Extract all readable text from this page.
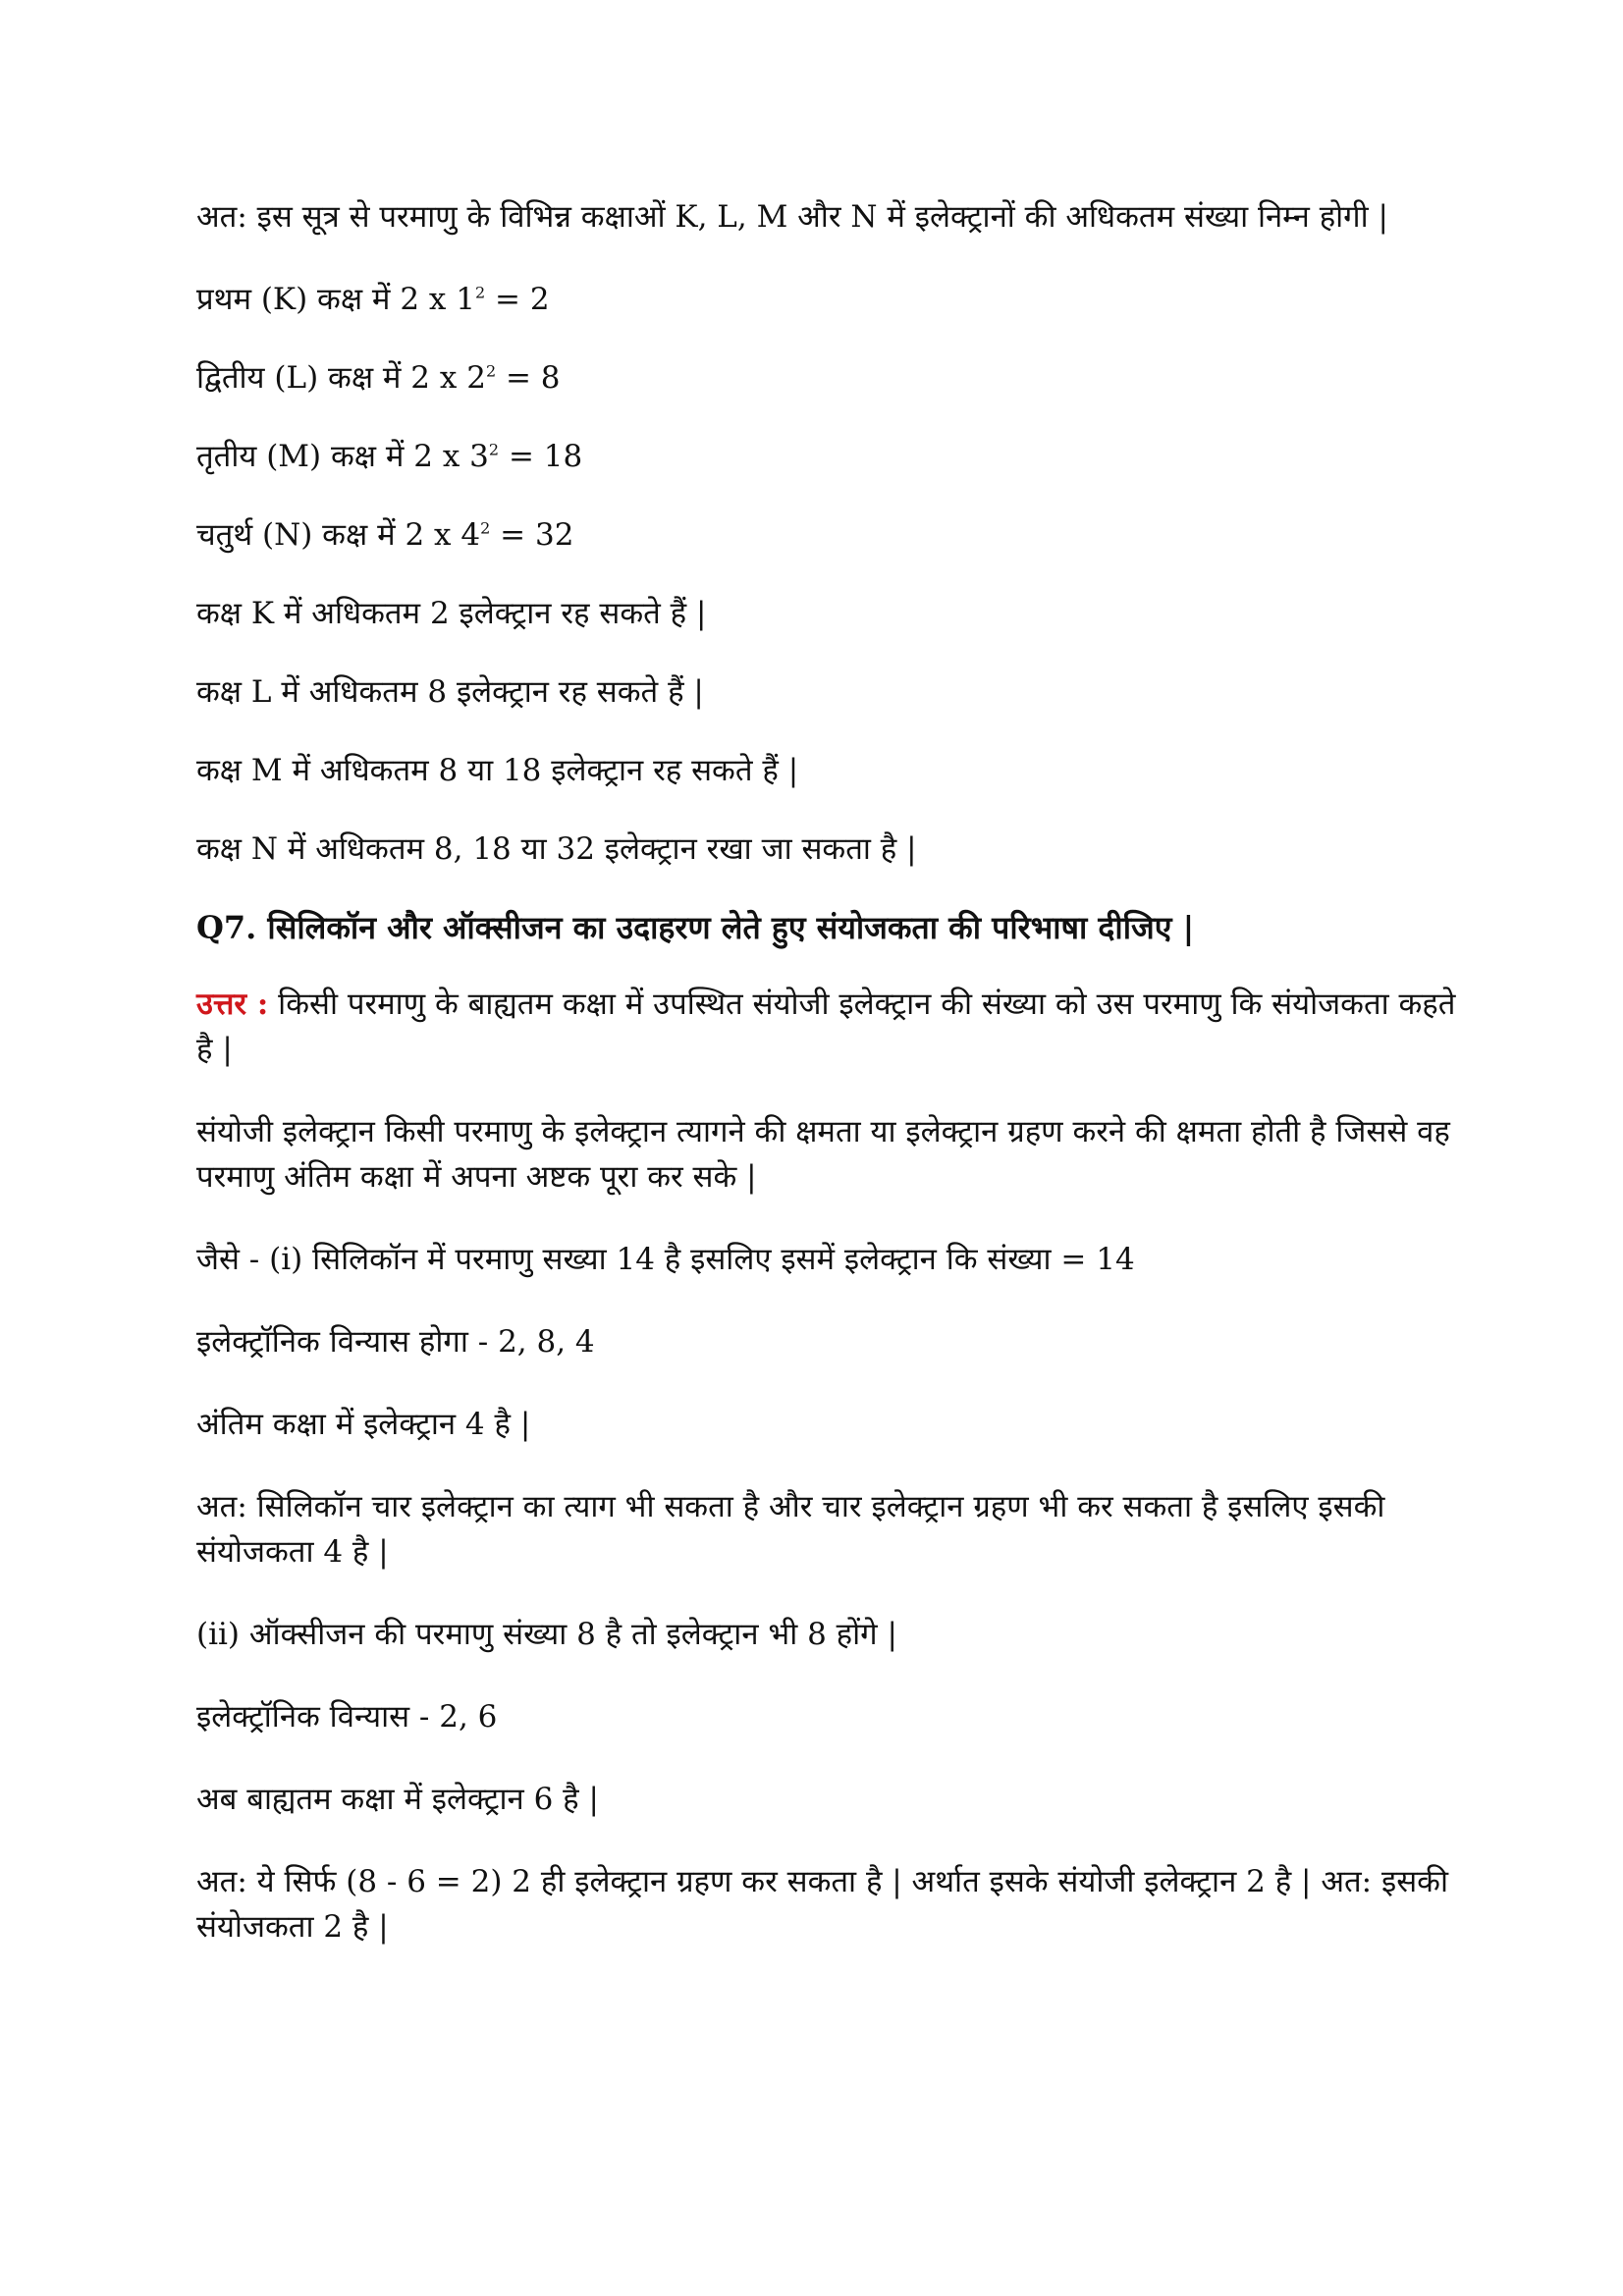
अत: इस सूत्र से परमाणु के विभिन्न कक्षाओं K, L, M और N में इलेक्ट्रानों की अधिकतम संख्या निम्न होगी |

प्रथम (K) कक्ष में 2 x $1^2 = 2$

द्वितीय (L) कक्ष में 2 x $2^2 = 8$

तृतीय (M) कक्ष में 2 x $3^2 = 18$

चतुर्थ (N) कक्ष में 2 x $4^2 = 32$

कक्ष K में अधिकतम 2 इलेक्ट्रान रह सकते हैं |

कक्ष L में अधिकतम 8 इलेक्ट्रान रह सकते हैं |

कक्ष M में अधिकतम 8 या 18 इलेक्ट्रान रह सकते हैं |

कक्ष N में अधिकतम 8, 18 या 32 इलेक्ट्रान रखा जा सकता है |

Q7. सिलिकॉन और ऑक्सीजन का उदाहरण लेते हुए संयोजकता की परिभाषा दीजिए |

उत्तर : किसी परमाणु के बाह्यतम कक्षा में उपस्थित संयोजी इलेक्ट्रान की संख्या को उस परमाणु कि संयोजकता कहते है |

संयोजी इलेक्ट्रान किसी परमाणु के इलेक्ट्रान त्यागने की क्षमता या इलेक्ट्रान ग्रहण करने की क्षमता होती है जिससे वह परमाणु अंतिम कक्षा में अपना अष्टक पूरा कर सके |

जैसे - (i) सिलिकॉन में परमाणु सख्या 14 है इसलिए इसमें इलेक्ट्रान कि संख्या = 14

इलेक्ट्रॉनिक विन्यास होगा - 2, 8, 4

अंतिम कक्षा में इलेक्ट्रान 4 है |

अत: सिलिकॉन चार इलेक्ट्रान का त्याग भी सकता है और चार इलेक्ट्रान ग्रहण भी कर सकता है इसलिए इसकी संयोजकता 4 है |

(ii) ऑक्सीजन की परमाणु संख्या 8 है तो इलेक्ट्रान भी 8 होंगे |

इलेक्ट्रॉनिक विन्यास - 2, 6

अब बाह्यतम कक्षा में इलेक्ट्रान 6 है |

अत: ये सिर्फ (8 - 6 = 2) 2 ही इलेक्ट्रान ग्रहण कर सकता है | अर्थात इसके संयोजी इलेक्ट्रान 2 है | अत: इसकी संयोजकता 2 है |
